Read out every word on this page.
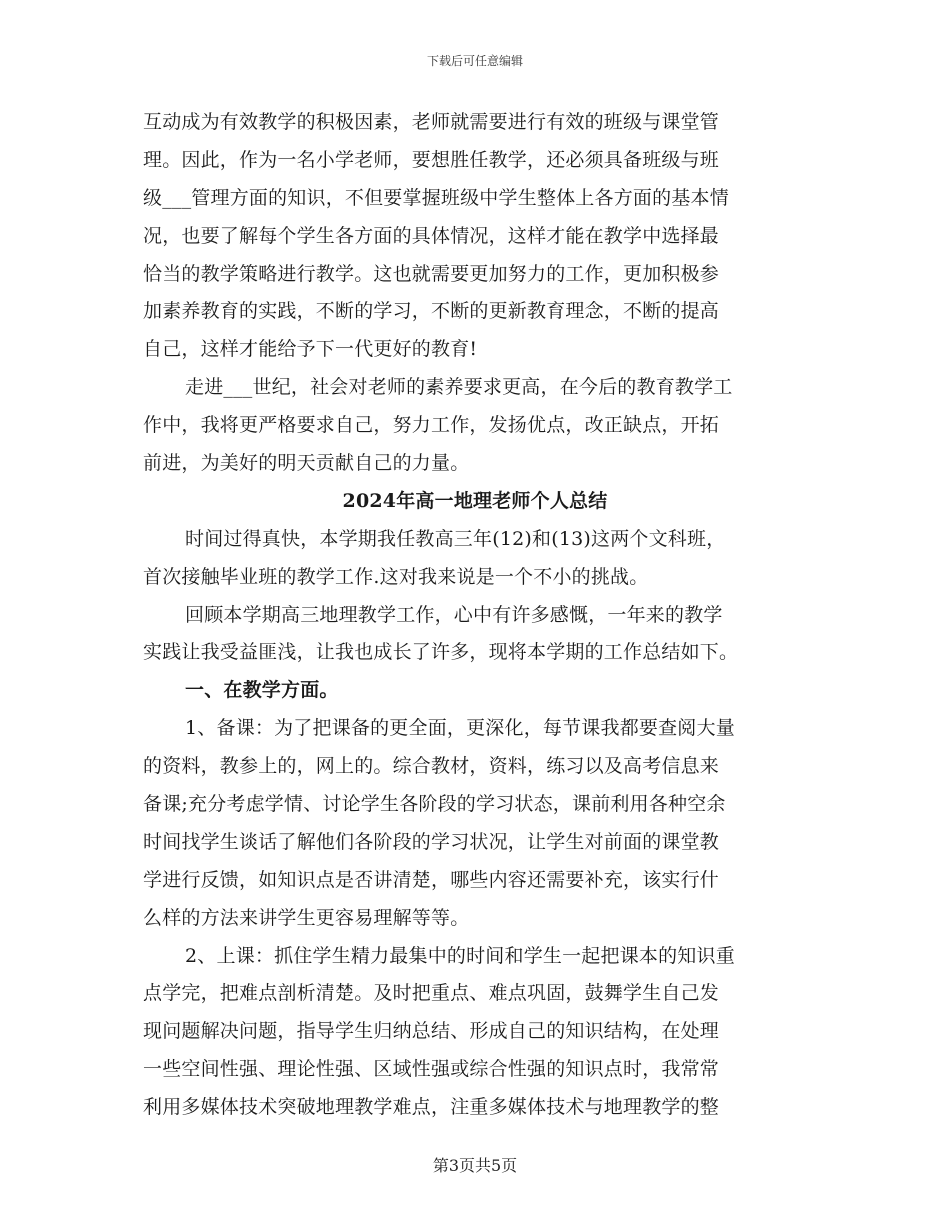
下载后可任意编辑
互动成为有效教学的积极因素，老师就需要进行有效的班级与课堂管
理。因此，作为一名小学老师，要想胜任教学，还必须具备班级与班
级___管理方面的知识，不但要掌握班级中学生整体上各方面的基本情
况，也要了解每个学生各方面的具体情况，这样才能在教学中选择最
恰当的教学策略进行教学。这也就需要更加努力的工作，更加积极参
加素养教育的实践，不断的学习，不断的更新教育理念，不断的提高
自己，这样才能给予下一代更好的教育!
走进___世纪，社会对老师的素养要求更高，在今后的教育教学工
作中，我将更严格要求自己，努力工作，发扬优点，改正缺点，开拓
前进，为美好的明天贡献自己的力量。
2024年高一地理老师个人总结
时间过得真快，本学期我任教高三年(12)和(13)这两个文科班，
首次接触毕业班的教学工作.这对我来说是一个不小的挑战。
回顾本学期高三地理教学工作，心中有许多感慨，一年来的教学
实践让我受益匪浅，让我也成长了许多，现将本学期的工作总结如下。
一、在教学方面。
1、备课：为了把课备的更全面，更深化，每节课我都要查阅大量
的资料，教参上的，网上的。综合教材，资料，练习以及高考信息来
备课;充分考虑学情、讨论学生各阶段的学习状态，课前利用各种空余
时间找学生谈话了解他们各阶段的学习状况，让学生对前面的课堂教
学进行反馈，如知识点是否讲清楚，哪些内容还需要补充，该实行什
么样的方法来讲学生更容易理解等等。
2、上课：抓住学生精力最集中的时间和学生一起把课本的知识重
点学完，把难点剖析清楚。及时把重点、难点巩固，鼓舞学生自己发
现问题解决问题，指导学生归纳总结、形成自己的知识结构，在处理
一些空间性强、理论性强、区域性强或综合性强的知识点时，我常常
利用多媒体技术突破地理教学难点，注重多媒体技术与地理教学的整
第3页共5页
